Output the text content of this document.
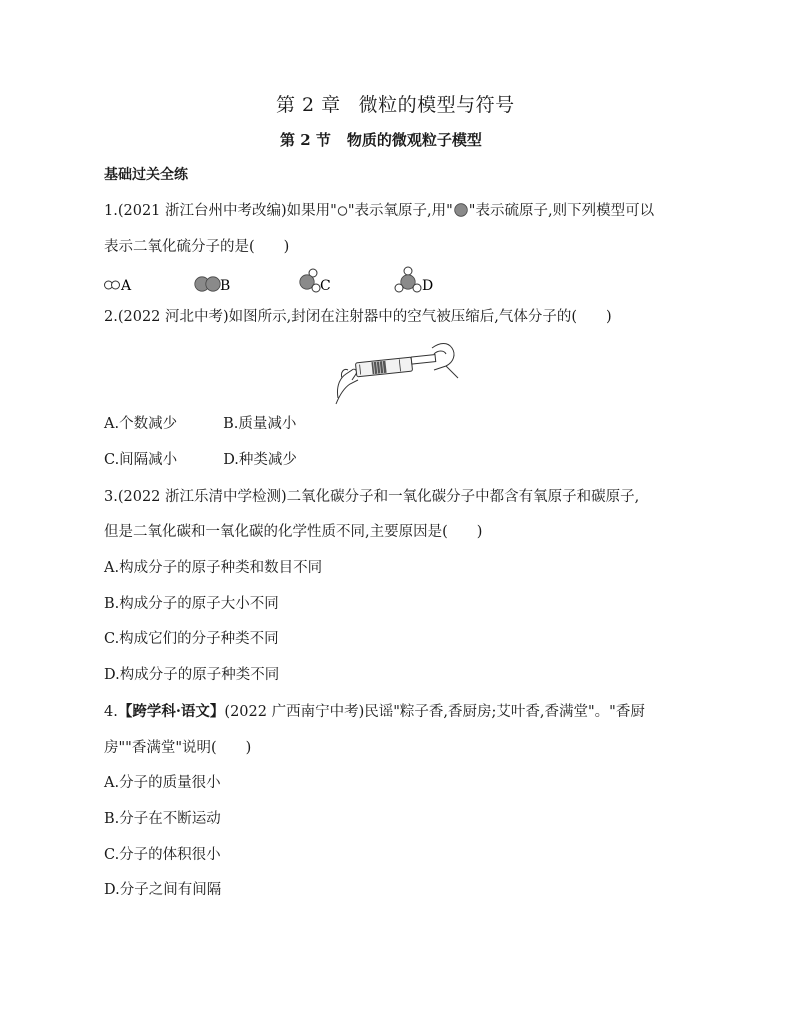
第 2 章 微粒的模型与符号
第 2 节 物质的微观粒子模型
基础过关全练
1.(2021 浙江台州中考改编)如果用" "表示氧原子,用" "表示硫原子,则下列模型可以
表示二氧化硫分子的是(　　)
A	B	C	D
2.(2022 河北中考)如图所示,封闭在注射器中的空气被压缩后,气体分子的(　　)
A.个数减少	B.质量减小
C.间隔减小	D.种类减少
3.(2022 浙江乐清中学检测)二氧化碳分子和一氧化碳分子中都含有氧原子和碳原子,
但是二氧化碳和一氧化碳的化学性质不同,主要原因是(　　)
A.构成分子的原子种类和数目不同
B.构成分子的原子大小不同
C.构成它们的分子种类不同
D.构成分子的原子种类不同
4.【跨学科·语文】(2022 广西南宁中考)民谣"粽子香,香厨房;艾叶香,香满堂"。"香厨
房""香满堂"说明(　　)
A.分子的质量很小
B.分子在不断运动
C.分子的体积很小
D.分子之间有间隔
